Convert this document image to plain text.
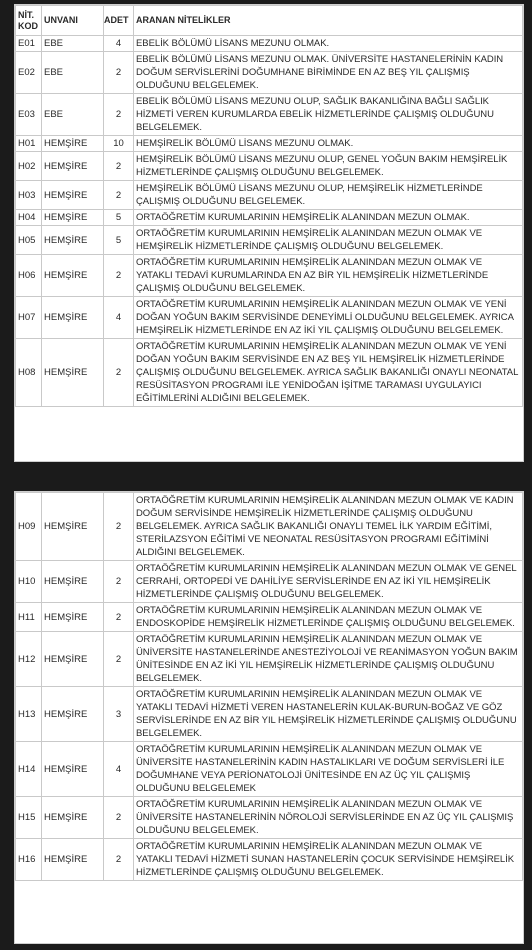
NİT. KOD	UNVANI	ADET	ARANAN NİTELİKLER
E01	EBE	4	EBELİK BÖLÜMÜ LİSANS MEZUNU OLMAK.
E02	EBE	2	EBELİK BÖLÜMÜ LİSANS MEZUNU OLMAK. ÜNİVERSİTE HASTANELERİNİN KADIN DOĞUM SERVİSLERİNİ DOĞUMHANE BİRİMİNDE EN AZ BEŞ YIL ÇALIŞMIŞ OLDUĞUNU BELGELEMEK.
E03	EBE	2	EBELİK BÖLÜMÜ LİSANS MEZUNU OLUP, SAĞLIK BAKANLIĞINA BAĞLI SAĞLIK HİZMETİ VEREN KURUMLARDA EBELİK HİZMETLERİNDE ÇALIŞMIŞ OLDUĞUNU BELGELEMEK.
H01	HEMŞİRE	10	HEMŞİRELİK BÖLÜMÜ LİSANS MEZUNU OLMAK.
H02	HEMŞİRE	2	HEMŞİRELİK BÖLÜMÜ LİSANS MEZUNU OLUP, GENEL YOĞUN BAKIM HEMŞİRELİK HİZMETLERİNDE ÇALIŞMIŞ OLDUĞUNU BELGELEMEK.
H03	HEMŞİRE	2	HEMŞİRELİK BÖLÜMÜ LİSANS MEZUNU OLUP, HEMŞİRELİK HİZMETLERİNDE ÇALIŞMIŞ OLDUĞUNU BELGELEMEK.
H04	HEMŞİRE	5	ORTAÖĞRETİM KURUMLARININ HEMŞİRELİK ALANINDAN MEZUN OLMAK.
H05	HEMŞİRE	5	ORTAÖĞRETİM KURUMLARININ HEMŞİRELİK ALANINDAN MEZUN OLMAK VE HEMŞİRELİK HİZMETLERİNDE ÇALIŞMIŞ OLDUĞUNU BELGELEMEK.
H06	HEMŞİRE	2	ORTAÖĞRETİM KURUMLARININ HEMŞİRELİK ALANINDAN MEZUN OLMAK VE YATAKLI TEDAVİ KURUMLARINDA EN AZ BİR YIL HEMŞİRELİK HİZMETLERİNDE ÇALIŞMIŞ OLDUĞUNU BELGELEMEK.
H07	HEMŞİRE	4	ORTAÖĞRETİM KURUMLARININ HEMŞİRELİK ALANINDAN MEZUN OLMAK VE YENİ DOĞAN YOĞUN BAKIM SERVİSİNDE DENEYİMLİ OLDUĞUNU BELGELEMEK. AYRICA HEMŞİRELİK HİZMETLERİNDE EN AZ İKİ YIL ÇALIŞMIŞ OLDUĞUNU BELGELEMEK.
H08	HEMŞİRE	2	ORTAÖĞRETİM KURUMLARININ HEMŞİRELİK ALANINDAN MEZUN OLMAK VE YENİ DOĞAN YOĞUN BAKIM SERVİSİNDE EN AZ BEŞ YIL HEMŞİRELİK HİZMETLERİNDE ÇALIŞMIŞ OLDUĞUNU BELGELEMEK. AYRICA SAĞLIK BAKANLIĞI ONAYLI NEONATAL RESÜSİTASYON PROGRAMI İLE YENİDOĞAN İŞİTME TARAMASI UYGULAYICI EĞİTİMLERİNİ ALDIĞINI BELGELEMEK.
H09	HEMŞİRE	2	ORTAÖĞRETİM KURUMLARININ HEMŞİRELİK ALANINDAN MEZUN OLMAK VE KADIN DOĞUM SERVİSİNDE HEMŞİRELİK HİZMETLERİNDE ÇALIŞMIŞ OLDUĞUNU BELGELEMEK. AYRICA SAĞLIK BAKANLIĞI ONAYLI TEMEL İLK YARDIM EĞİTİMİ, STERİLAZSYON EĞİTİMİ VE NEONATAL RESÜSİTASYON PROGRAMI EĞİTİMİNİ ALDIĞINI BELGELEMEK.
H10	HEMŞİRE	2	ORTAÖĞRETİM KURUMLARININ HEMŞİRELİK ALANINDAN MEZUN OLMAK VE GENEL CERRAHİ, ORTOPEDİ VE DAHİLİYE SERVİSLERİNDE EN AZ İKİ YIL HEMŞİRELİK HİZMETLERİNDE ÇALIŞMIŞ OLDUĞUNU BELGELEMEK.
H11	HEMŞİRE	2	ORTAÖĞRETİM KURUMLARININ HEMŞİRELİK ALANINDAN MEZUN OLMAK VE ENDOSKOPİDE HEMŞİRELİK HİZMETLERİNDE ÇALIŞMIŞ OLDUĞUNU BELGELEMEK.
H12	HEMŞİRE	2	ORTAÖĞRETİM KURUMLARININ HEMŞİRELİK ALANINDAN MEZUN OLMAK VE ÜNİVERSİTE HASTANELERİNDE ANESTEZİYOLOJİ VE REANİMASYON YOĞUN BAKIM ÜNİTESİNDE EN AZ İKİ YIL HEMŞİRELİK HİZMETLERİNDE ÇALIŞMIŞ OLDUĞUNU BELGELEMEK.
H13	HEMŞİRE	3	ORTAÖĞRETİM KURUMLARININ HEMŞİRELİK ALANINDAN MEZUN OLMAK VE YATAKLI TEDAVİ HİZMETİ VEREN HASTANELERİN KULAK-BURUN-BOĞAZ VE GÖZ SERVİSLERİNDE EN AZ BİR YIL HEMŞİRELİK HİZMETLERİNDE ÇALIŞMIŞ OLDUĞUNU BELGELEMEK.
H14	HEMŞİRE	4	ORTAÖĞRETİM KURUMLARININ HEMŞİRELİK ALANINDAN MEZUN OLMAK VE ÜNİVERSİTE HASTANELERİNİN KADIN HASTALIKLARI VE DOĞUM SERVİSLERİ İLE DOĞUMHANE VEYA PERİONATOLOJİ ÜNİTESİNDE EN AZ ÜÇ YIL ÇALIŞMIŞ OLDUĞUNU BELGELEMEK
H15	HEMŞİRE	2	ORTAÖĞRETİM KURUMLARININ HEMŞİRELİK ALANINDAN MEZUN OLMAK VE ÜNİVERSİTE HASTANELERİNİN NÖROLOJİ SERVİSLERİNDE EN AZ ÜÇ YIL ÇALIŞMIŞ OLDUĞUNU BELGELEMEK.
H16	HEMŞİRE	2	ORTAÖĞRETİM KURUMLARININ HEMŞİRELİK ALANINDAN MEZUN OLMAK VE YATAKLI TEDAVİ HİZMETİ SUNAN HASTANELERİN ÇOCUK SERVİSİNDE HEMŞİRELİK HİZMETLERİNDE ÇALIŞMIŞ OLDUĞUNU BELGELEMEK.
